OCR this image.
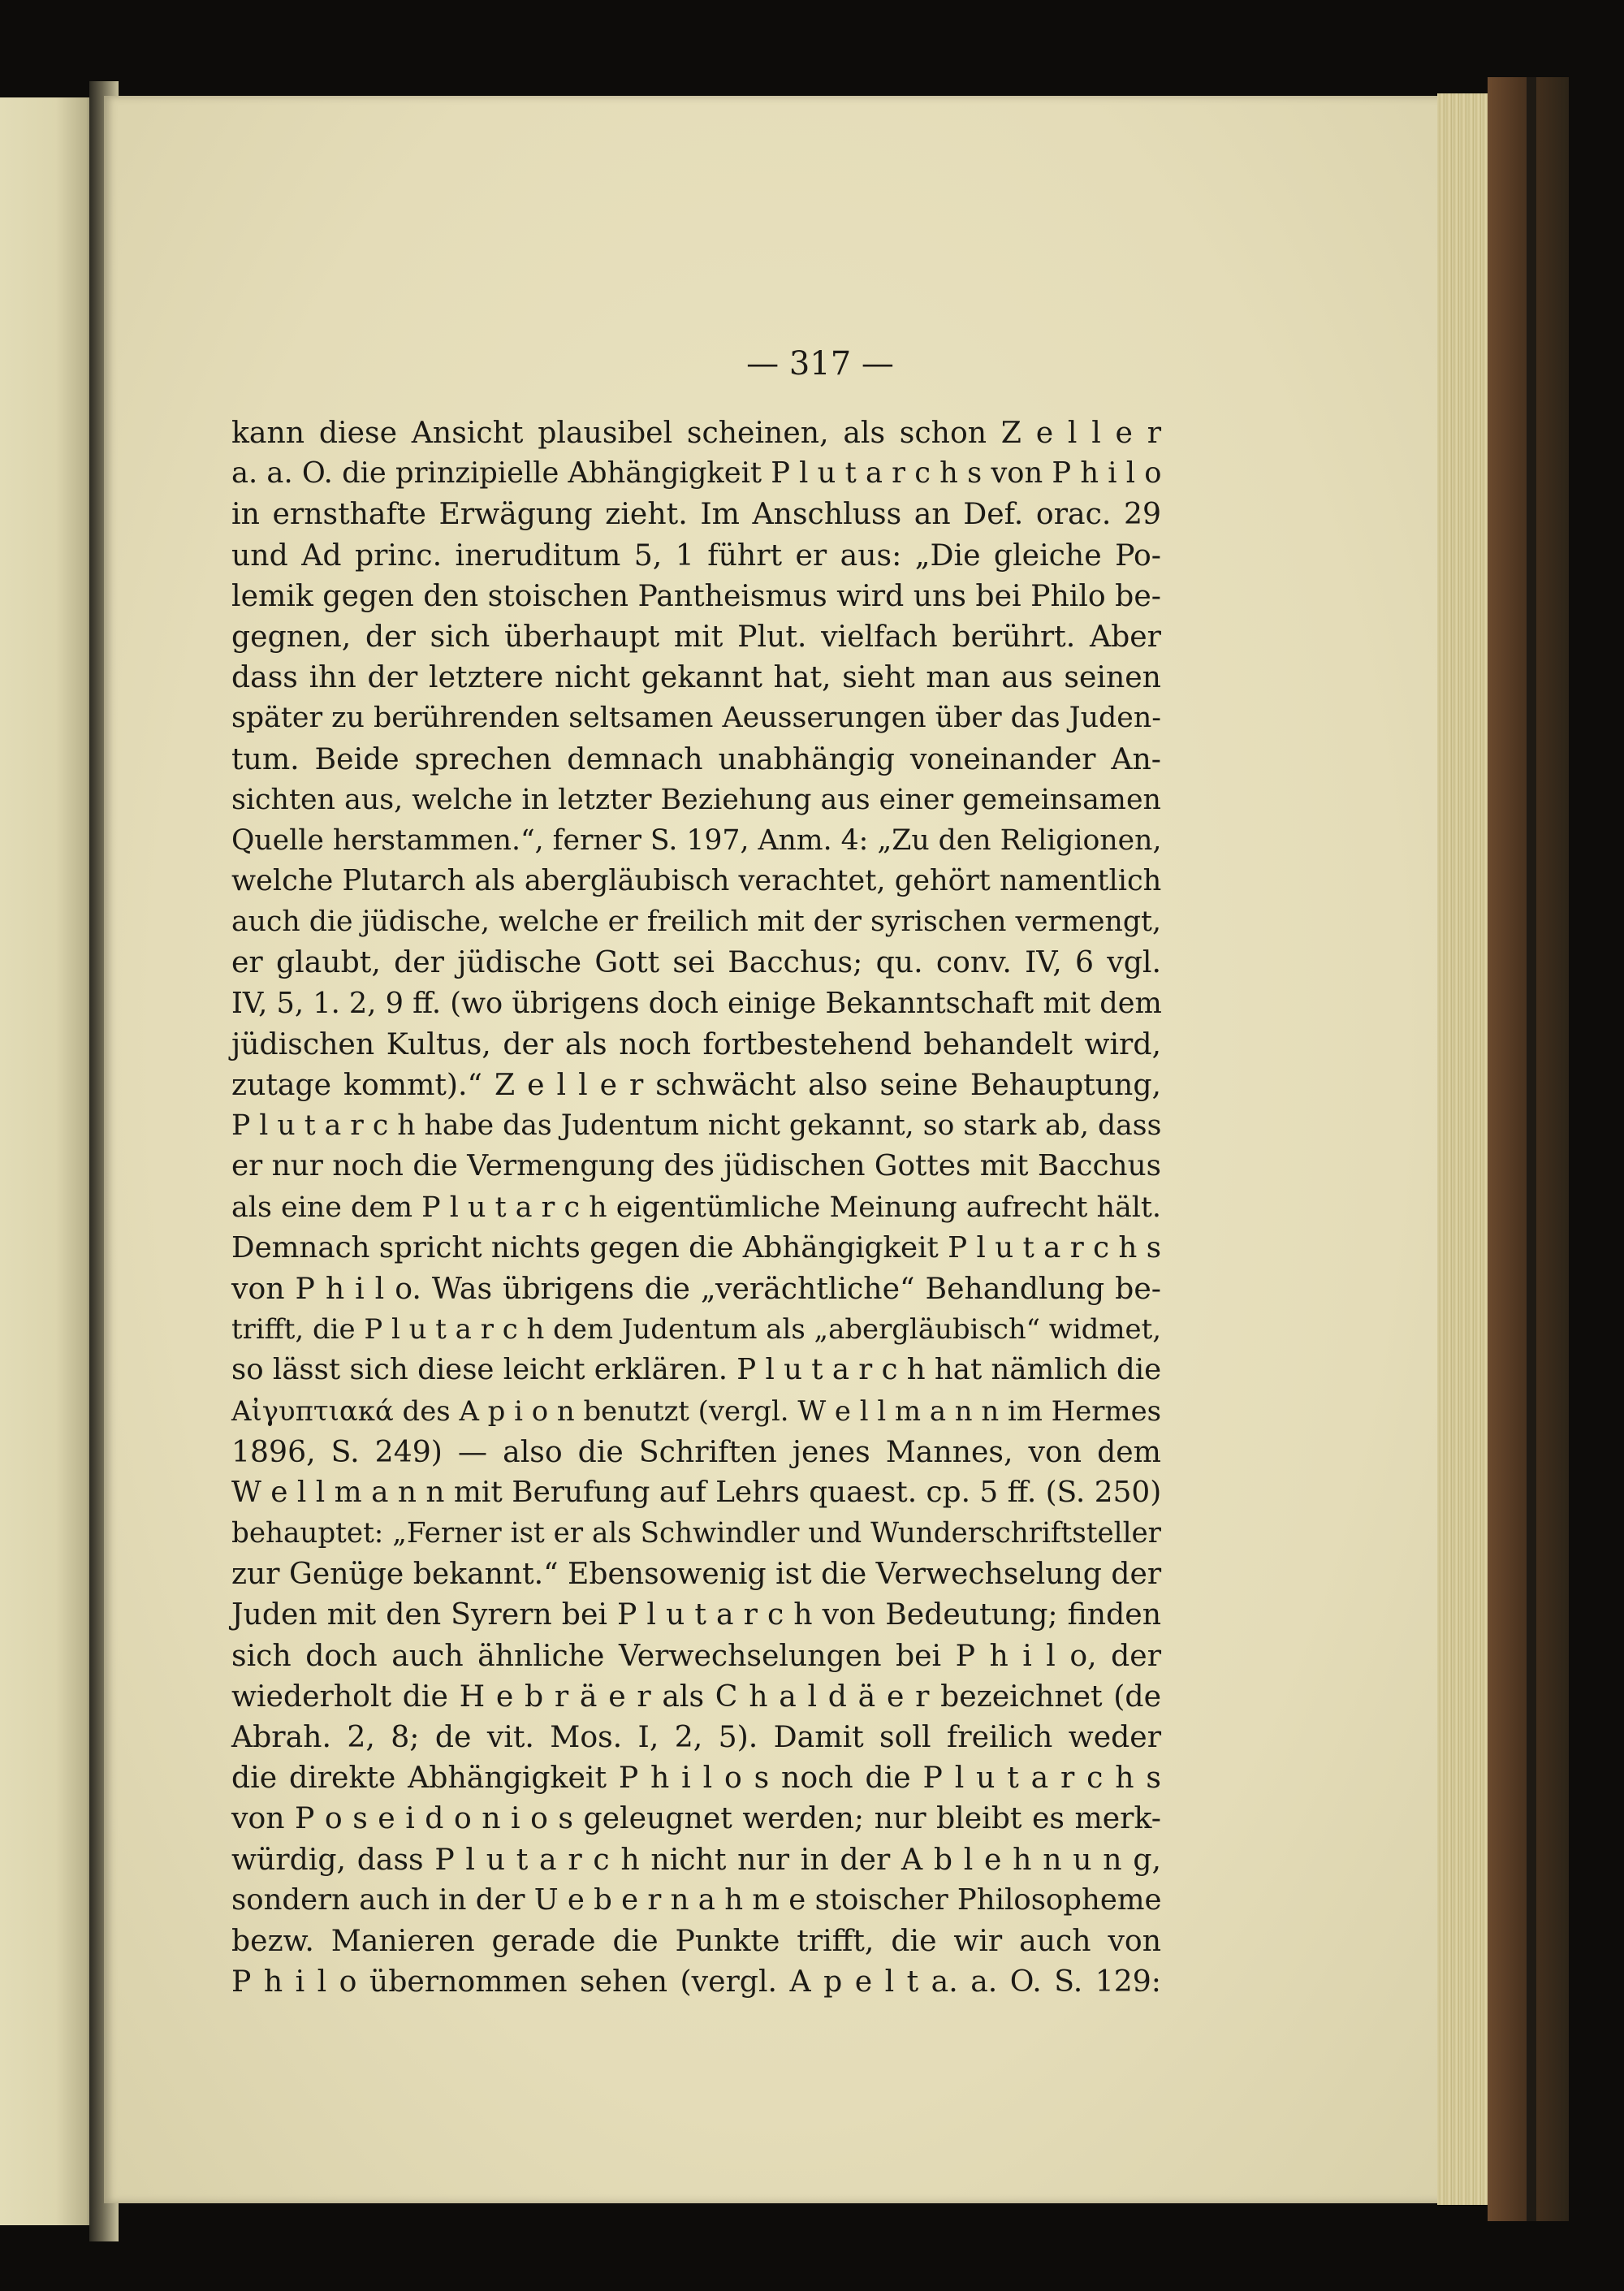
— 317 —
kann diese Ansicht plausibel scheinen, als schon Z e l l e r
a. a. O. die prinzipielle Abhängigkeit P l u t a r c h s von P h i l o
in ernsthafte Erwägung zieht. Im Anschluss an Def. orac. 29
und Ad princ. ineruditum 5, 1 führt er aus: „Die gleiche Po-
lemik gegen den stoischen Pantheismus wird uns bei Philo be-
gegnen, der sich überhaupt mit Plut. vielfach berührt. Aber
dass ihn der letztere nicht gekannt hat, sieht man aus seinen
später zu berührenden seltsamen Aeusserungen über das Juden-
tum. Beide sprechen demnach unabhängig voneinander An-
sichten aus, welche in letzter Beziehung aus einer gemeinsamen
Quelle herstammen.“, ferner S. 197, Anm. 4: „Zu den Religionen,
welche Plutarch als abergläubisch verachtet, gehört namentlich
auch die jüdische, welche er freilich mit der syrischen vermengt,
er glaubt, der jüdische Gott sei Bacchus; qu. conv. IV, 6 vgl.
IV, 5, 1. 2, 9 ff. (wo übrigens doch einige Bekanntschaft mit dem
jüdischen Kultus, der als noch fortbestehend behandelt wird,
zutage kommt).“ Z e l l e r schwächt also seine Behauptung,
P l u t a r c h habe das Judentum nicht gekannt, so stark ab, dass
er nur noch die Vermengung des jüdischen Gottes mit Bacchus
als eine dem P l u t a r c h eigentümliche Meinung aufrecht hält.
Demnach spricht nichts gegen die Abhängigkeit P l u t a r c h s
von P h i l o. Was übrigens die „verächtliche“ Behandlung be-
trifft, die P l u t a r c h dem Judentum als „abergläubisch“ widmet,
so lässt sich diese leicht erklären. P l u t a r c h hat nämlich die
Αἰγυπτιακά des A p i o n benutzt (vergl. W e l l m a n n im Hermes
1896, S. 249) — also die Schriften jenes Mannes, von dem
W e l l m a n n mit Berufung auf Lehrs quaest. cp. 5 ff. (S. 250)
behauptet: „Ferner ist er als Schwindler und Wunderschriftsteller
zur Genüge bekannt.“ Ebensowenig ist die Verwechselung der
Juden mit den Syrern bei P l u t a r c h von Bedeutung; finden
sich doch auch ähnliche Verwechselungen bei P h i l o, der
wiederholt die H e b r ä e r als C h a l d ä e r bezeichnet (de
Abrah. 2, 8; de vit. Mos. I, 2, 5). Damit soll freilich weder
die direkte Abhängigkeit P h i l o s noch die P l u t a r c h s
von P o s e i d o n i o s geleugnet werden; nur bleibt es merk-
würdig, dass P l u t a r c h nicht nur in der A b l e h n u n g,
sondern auch in der U e b e r n a h m e stoischer Philosopheme
bezw. Manieren gerade die Punkte trifft, die wir auch von
P h i l o übernommen sehen (vergl. A p e l t a. a. O. S. 129:
